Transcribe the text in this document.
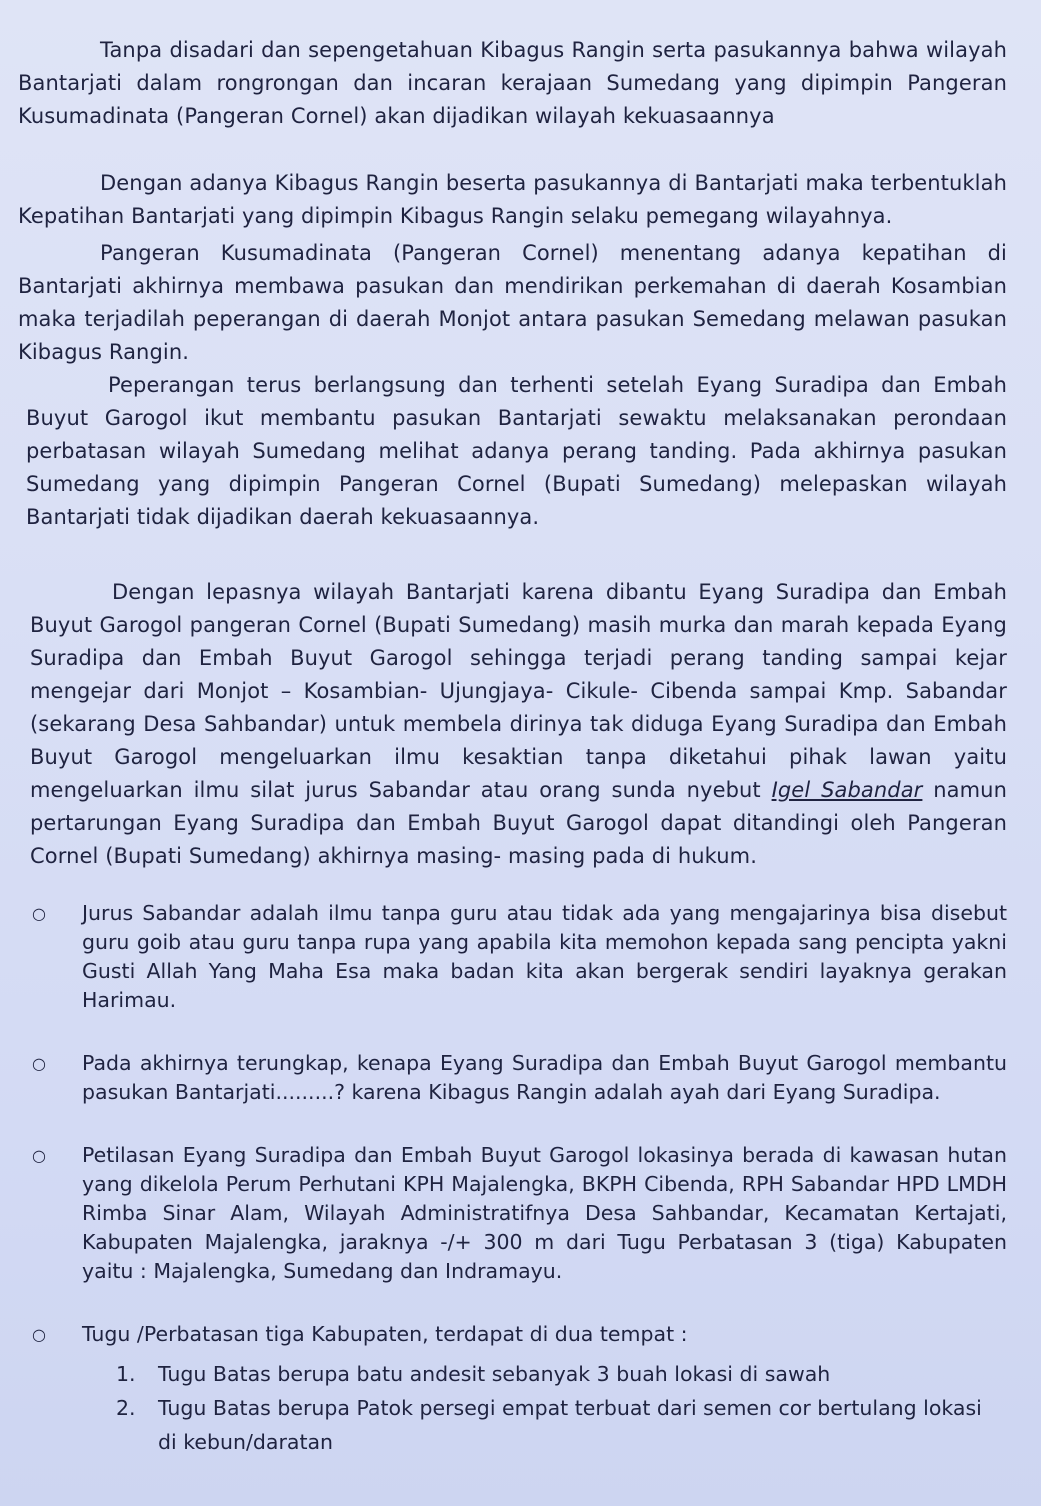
Tanpa disadari dan sepengetahuan Kibagus Rangin serta pasukannya bahwa wilayah Bantarjati dalam rongrongan dan incaran kerajaan Sumedang yang dipimpin Pangeran Kusumadinata (Pangeran Cornel) akan dijadikan wilayah kekuasaannya

Dengan adanya Kibagus Rangin beserta pasukannya di Bantarjati maka terbentuklah Kepatihan Bantarjati yang dipimpin Kibagus Rangin selaku pemegang wilayahnya.

Pangeran Kusumadinata (Pangeran Cornel) menentang adanya kepatihan di Bantarjati akhirnya membawa pasukan dan mendirikan perkemahan di daerah Kosambian maka terjadilah peperangan di daerah Monjot antara pasukan Semedang melawan pasukan Kibagus Rangin.

Peperangan terus berlangsung dan terhenti setelah Eyang Suradipa dan Embah Buyut Garogol ikut membantu pasukan Bantarjati sewaktu melaksanakan perondaan perbatasan wilayah Sumedang melihat adanya perang tanding. Pada akhirnya pasukan Sumedang yang dipimpin Pangeran Cornel (Bupati Sumedang) melepaskan wilayah Bantarjati tidak dijadikan daerah kekuasaannya.

Dengan lepasnya wilayah Bantarjati karena dibantu Eyang Suradipa dan Embah Buyut Garogol pangeran Cornel (Bupati Sumedang) masih murka dan marah kepada Eyang Suradipa dan Embah Buyut Garogol sehingga terjadi perang tanding sampai kejar mengejar dari Monjot – Kosambian- Ujungjaya- Cikule- Cibenda sampai Kmp. Sabandar (sekarang Desa Sahbandar) untuk membela dirinya tak diduga Eyang Suradipa dan Embah Buyut Garogol mengeluarkan ilmu kesaktian tanpa diketahui pihak lawan yaitu mengeluarkan ilmu silat jurus Sabandar atau orang sunda nyebut Igel Sabandar namun pertarungan Eyang Suradipa dan Embah Buyut Garogol dapat ditandingi oleh Pangeran Cornel (Bupati Sumedang) akhirnya masing- masing pada di hukum.

○ Jurus Sabandar adalah ilmu tanpa guru atau tidak ada yang mengajarinya bisa disebut guru goib atau guru tanpa rupa yang apabila kita memohon kepada sang pencipta yakni Gusti Allah Yang Maha Esa maka badan kita akan bergerak sendiri layaknya gerakan Harimau.
○ Pada akhirnya terungkap, kenapa Eyang Suradipa dan Embah Buyut Garogol membantu pasukan Bantarjati.........? karena Kibagus Rangin adalah ayah dari Eyang Suradipa.
○ Petilasan Eyang Suradipa dan Embah Buyut Garogol lokasinya berada di kawasan hutan yang dikelola Perum Perhutani KPH Majalengka, BKPH Cibenda, RPH Sabandar HPD LMDH Rimba Sinar Alam, Wilayah Administratifnya Desa Sahbandar, Kecamatan Kertajati, Kabupaten Majalengka, jaraknya -/+ 300 m dari Tugu Perbatasan 3 (tiga) Kabupaten yaitu : Majalengka, Sumedang dan Indramayu.
○ Tugu /Perbatasan tiga Kabupaten, terdapat di dua tempat :
1. Tugu Batas berupa batu andesit sebanyak 3 buah lokasi di sawah
2. Tugu Batas berupa Patok persegi empat terbuat dari semen cor bertulang lokasi di kebun/daratan
